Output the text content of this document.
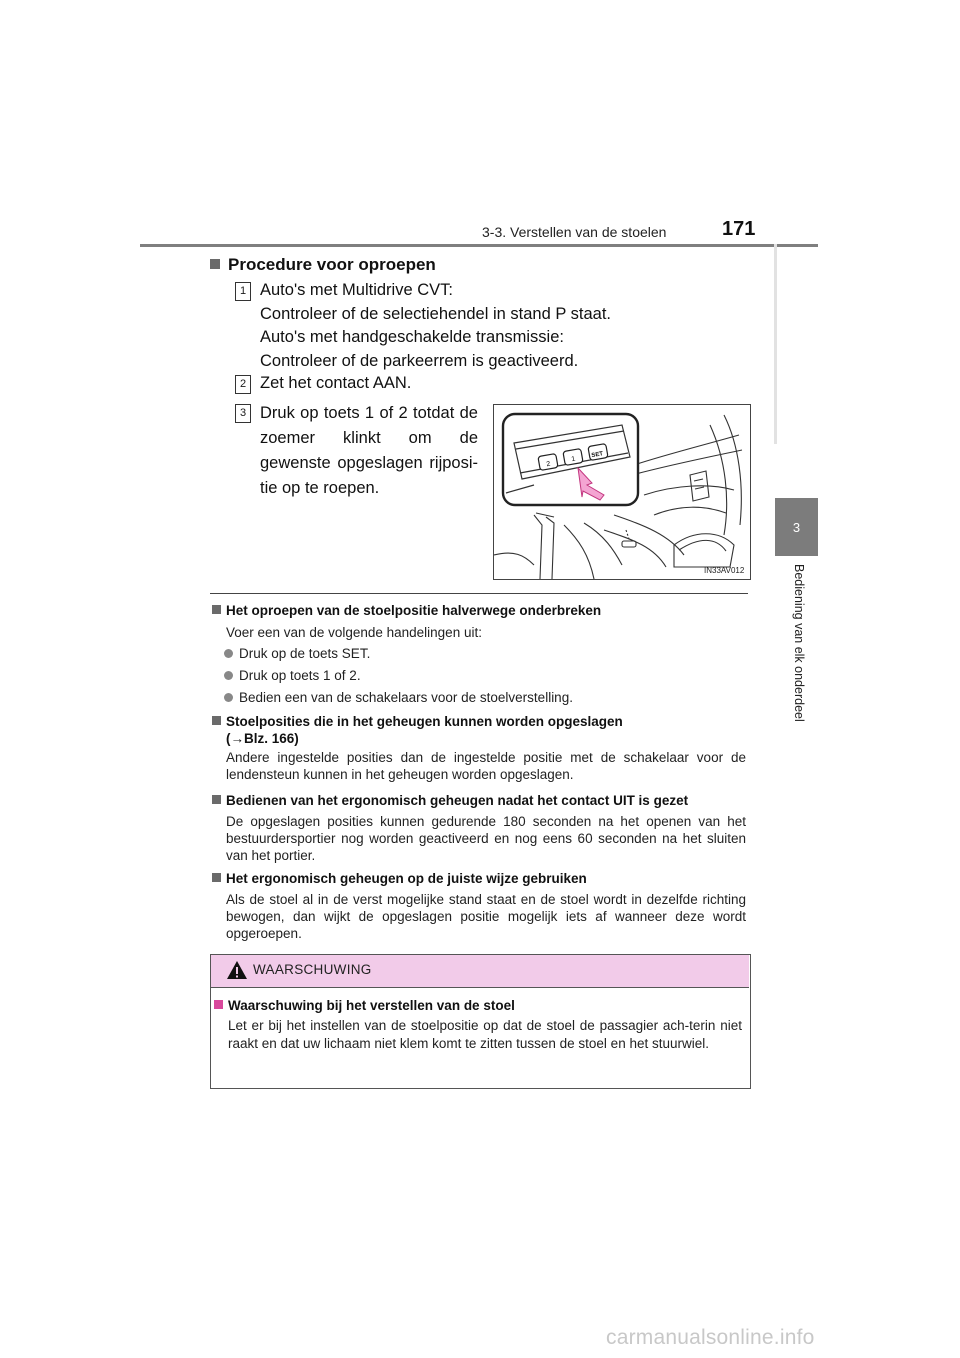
3-3. Verstellen van de stoelen	171
3
Bediening van elk onderdeel
Procedure voor oproepen
1 Auto's met Multidrive CVT:
Controleer of de selectiehendel in stand P staat.
Auto's met handgeschakelde transmissie:
Controleer of de parkeerrem is geactiveerd.
2 Zet het contact AAN.
3 Druk op toets 1 of 2 totdat de zoemer klinkt om de gewenste opgeslagen rijposi-tie op te roepen.
2
1
SET
IN33AV012
Het oproepen van de stoelpositie halverwege onderbreken
Voer een van de volgende handelingen uit:
Druk op de toets SET.
Druk op toets 1 of 2.
Bedien een van de schakelaars voor de stoelverstelling.
Stoelposities die in het geheugen kunnen worden opgeslagen
(→Blz. 166)
Andere ingestelde posities dan de ingestelde positie met de schakelaar voor de lendensteun kunnen in het geheugen worden opgeslagen.
Bedienen van het ergonomisch geheugen nadat het contact UIT is gezet
De opgeslagen posities kunnen gedurende 180 seconden na het openen van het bestuurdersportier nog worden geactiveerd en nog eens 60 seconden na het sluiten van het portier.
Het ergonomisch geheugen op de juiste wijze gebruiken
Als de stoel al in de verst mogelijke stand staat en de stoel wordt in dezelfde richting bewogen, dan wijkt de opgeslagen positie mogelijk iets af wanneer deze wordt opgeroepen.
WAARSCHUWING
Waarschuwing bij het verstellen van de stoel
Let er bij het instellen van de stoelpositie op dat de stoel de passagier ach-terin niet raakt en dat uw lichaam niet klem komt te zitten tussen de stoel en het stuurwiel.
carmanualsonline.info
